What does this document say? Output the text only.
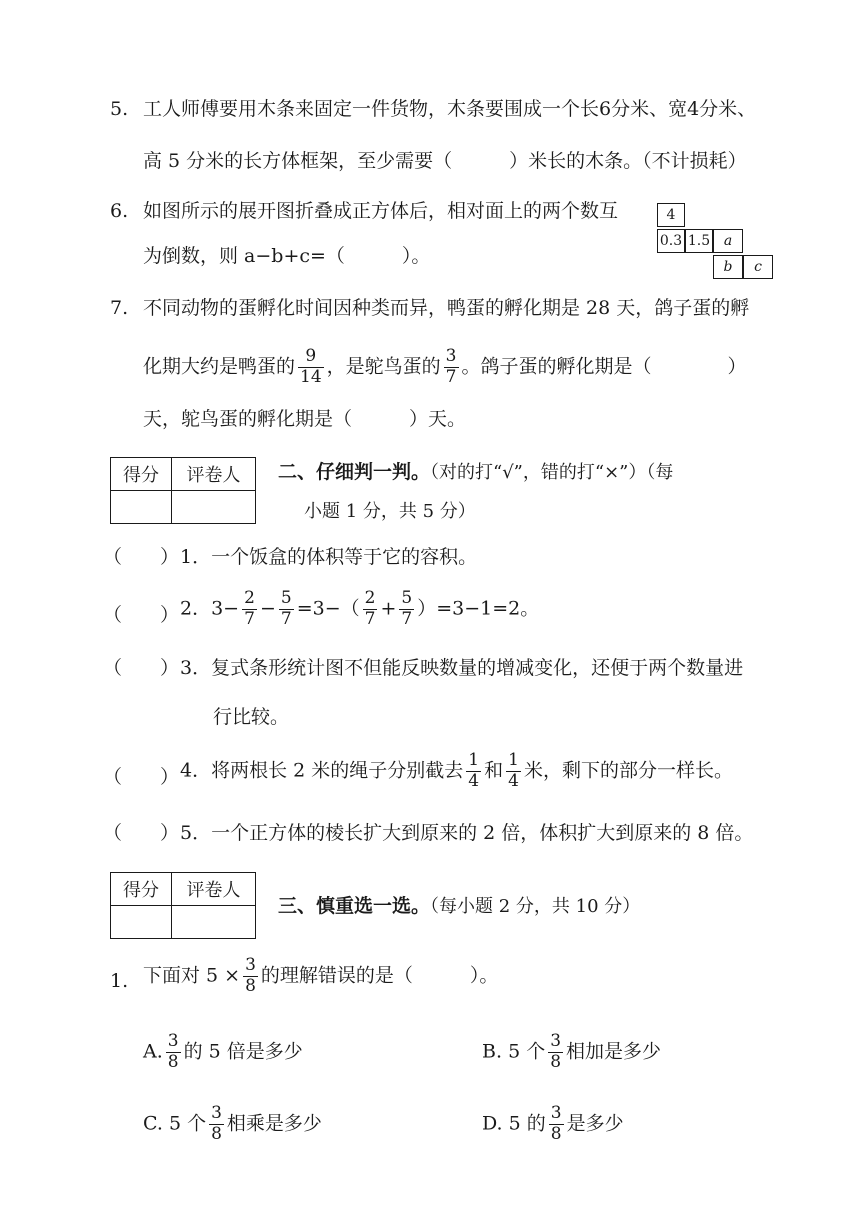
5. 工人师傅要用木条来固定一件货物，木条要围成一个长6分米、宽4分米、
高 5 分米的长方体框架，至少需要（　　　）米长的木条。（不计损耗）
6. 如图所示的展开图折叠成正方体后，相对面上的两个数互
为倒数，则 a−b+c=（　　　）。
4
0.3 1.5 a
b	c
7. 不同动物的蛋孵化时间因种类而异，鸭蛋的孵化期是 28 天，鸽子蛋的孵
化期大约是鸭蛋的 $\frac{9}{14}$ ，是鸵鸟蛋的 $\frac{3}{7}$ 。鸽子蛋的孵化期是（　　　　）
天，鸵鸟蛋的孵化期是（　　　）天。
得分	评卷人
	二、仔细判一判。（对的打“√”，错的打“×”）（每
小题 1 分，共 5 分）
（　　） 1．一个饭盒的体积等于它的容积。
（　　） 2．$3- \frac{2}{7} - \frac{5}{7} =3-( \frac{2}{7} + \frac{5}{7} )=3-1=2$。
（　　） 3．复式条形统计图不但能反映数量的增减变化，还便于两个数量进
行比较。
（　　） 4．将两根长 2 米的绳子分别截去 $\frac{1}{4}$ 和 $\frac{1}{4}$ 米，剩下的部分一样长。
（　　） 5．一个正方体的棱长扩大到原来的 2 倍，体积扩大到原来的 8 倍。
得分	评卷人

三、慎重选一选。（每小题 2 分，共 10 分）
1. 下面对 $5 \times \frac{3}{8}$ 的理解错误的是（　　　）。
A. $\frac{3}{8}$ 的 5 倍是多少	B. 5 个 $\frac{3}{8}$ 相加是多少
C. 5 个 $\frac{3}{8}$ 相乘是多少	D. 5 的 $\frac{3}{8}$ 是多少
